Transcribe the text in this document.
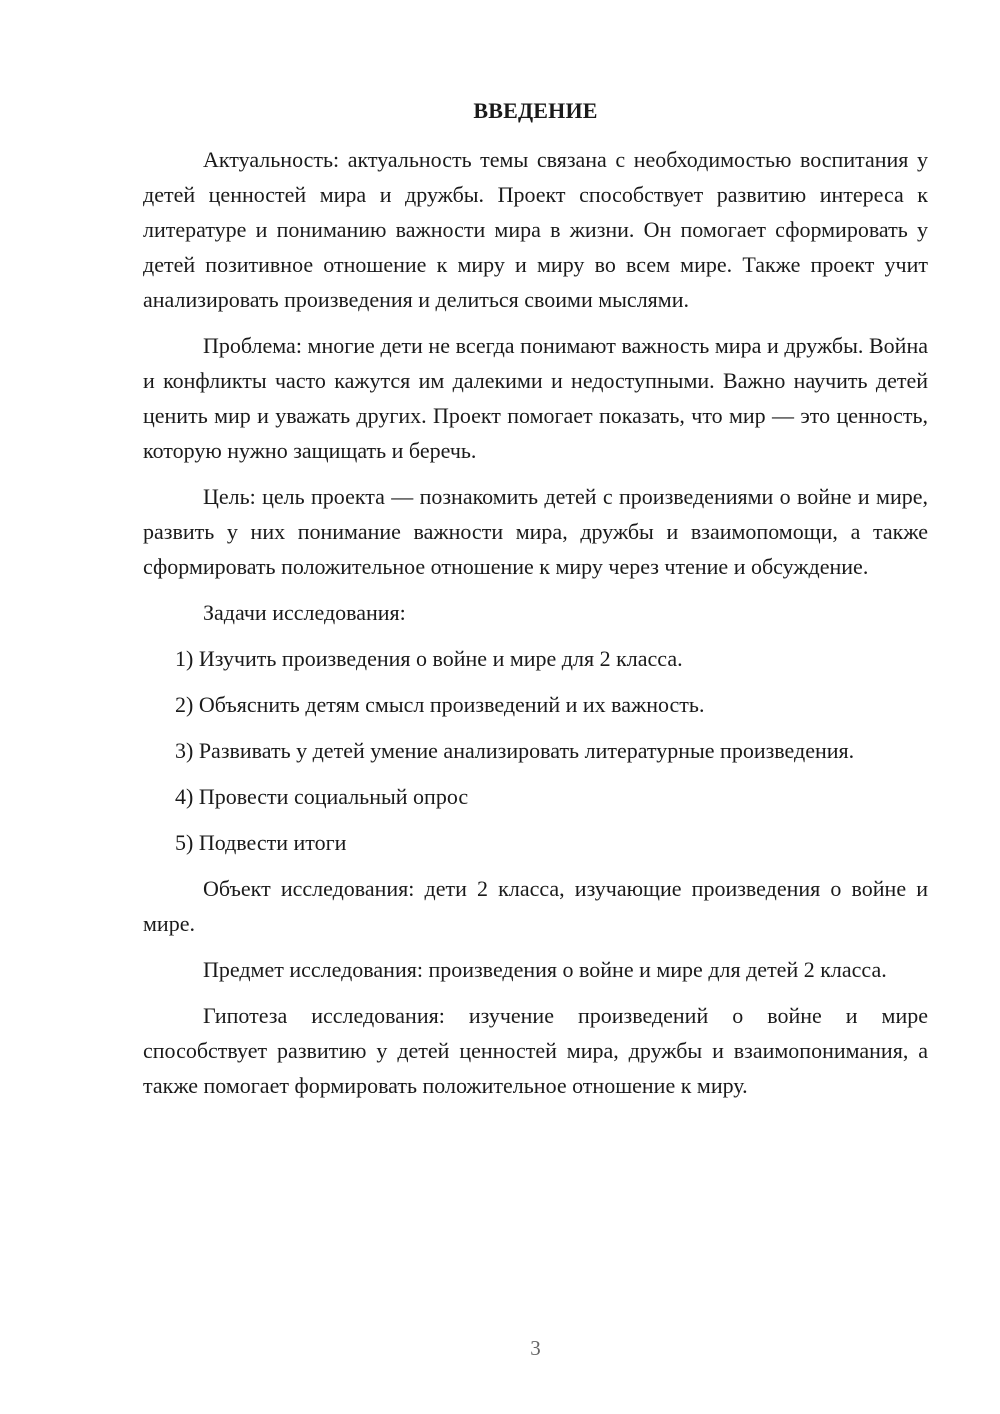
ВВЕДЕНИЕ

Актуальность: актуальность темы связана с необходимостью воспитания у детей ценностей мира и дружбы. Проект способствует развитию интереса к литературе и пониманию важности мира в жизни. Он помогает сформировать у детей позитивное отношение к миру и миру во всем мире. Также проект учит анализировать произведения и делиться своими мыслями.

Проблема: многие дети не всегда понимают важность мира и дружбы. Война и конфликты часто кажутся им далекими и недоступными. Важно научить детей ценить мир и уважать других. Проект помогает показать, что мир — это ценность, которую нужно защищать и беречь.

Цель: цель проекта — познакомить детей с произведениями о войне и мире, развить у них понимание важности мира, дружбы и взаимопомощи, а также сформировать положительное отношение к миру через чтение и обсуждение.

Задачи исследования:

1) Изучить произведения о войне и мире для 2 класса.

2) Объяснить детям смысл произведений и их важность.

3) Развивать у детей умение анализировать литературные произведения.

4) Провести социальный опрос

5) Подвести итоги

Объект исследования: дети 2 класса, изучающие произведения о войне и мире.

Предмет исследования: произведения о войне и мире для детей 2 класса.

Гипотеза исследования: изучение произведений о войне и мире способствует развитию у детей ценностей мира, дружбы и взаимопонимания, а также помогает формировать положительное отношение к миру.

3
